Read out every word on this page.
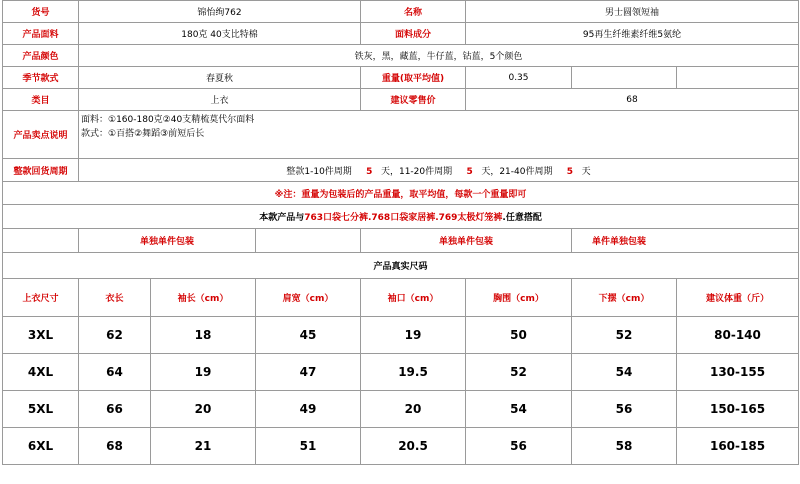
货号	锦怡绚762			名称	男士圆领短袖		
产品面料	180克 40支比特棉			面料成分	95再生纤维素纤维5氨纶		
产品颜色	铁灰，黑，藏蓝，牛仔蓝，钴蓝，5个颜色						
季节款式	春夏秋			重量(取平均值)	0.35		
类目	上衣			建议零售价	68		
产品卖点说明	面料：①160-180克②40支精梳莫代尔面料
款式：①百搭②舞蹈③前短后长						

整款回货周期	整款1-10件周期 5 天，11-20件周期 5 天，21-40件周期 5 天						
※注：重量为包装后的产品重量，取平均值，每款一个重量即可							
本款产品与763口袋七分裤.768口袋家居裤.769太极灯笼裤.任意搭配							
	单独单件包装			单独单件包装		单件单独包装	
产品真实尺码							
上衣尺寸	衣长	袖长（cm）	肩宽（cm）	袖口（cm）	胸围（cm）	下摆（cm）	建议体重（斤）
3XL	62	18	45	19	50	52	80-140
4XL	64	19	47	19.5	52	54	130-155
5XL	66	20	49	20	54	56	150-165
6XL	68	21	51	20.5	56	58	160-185
